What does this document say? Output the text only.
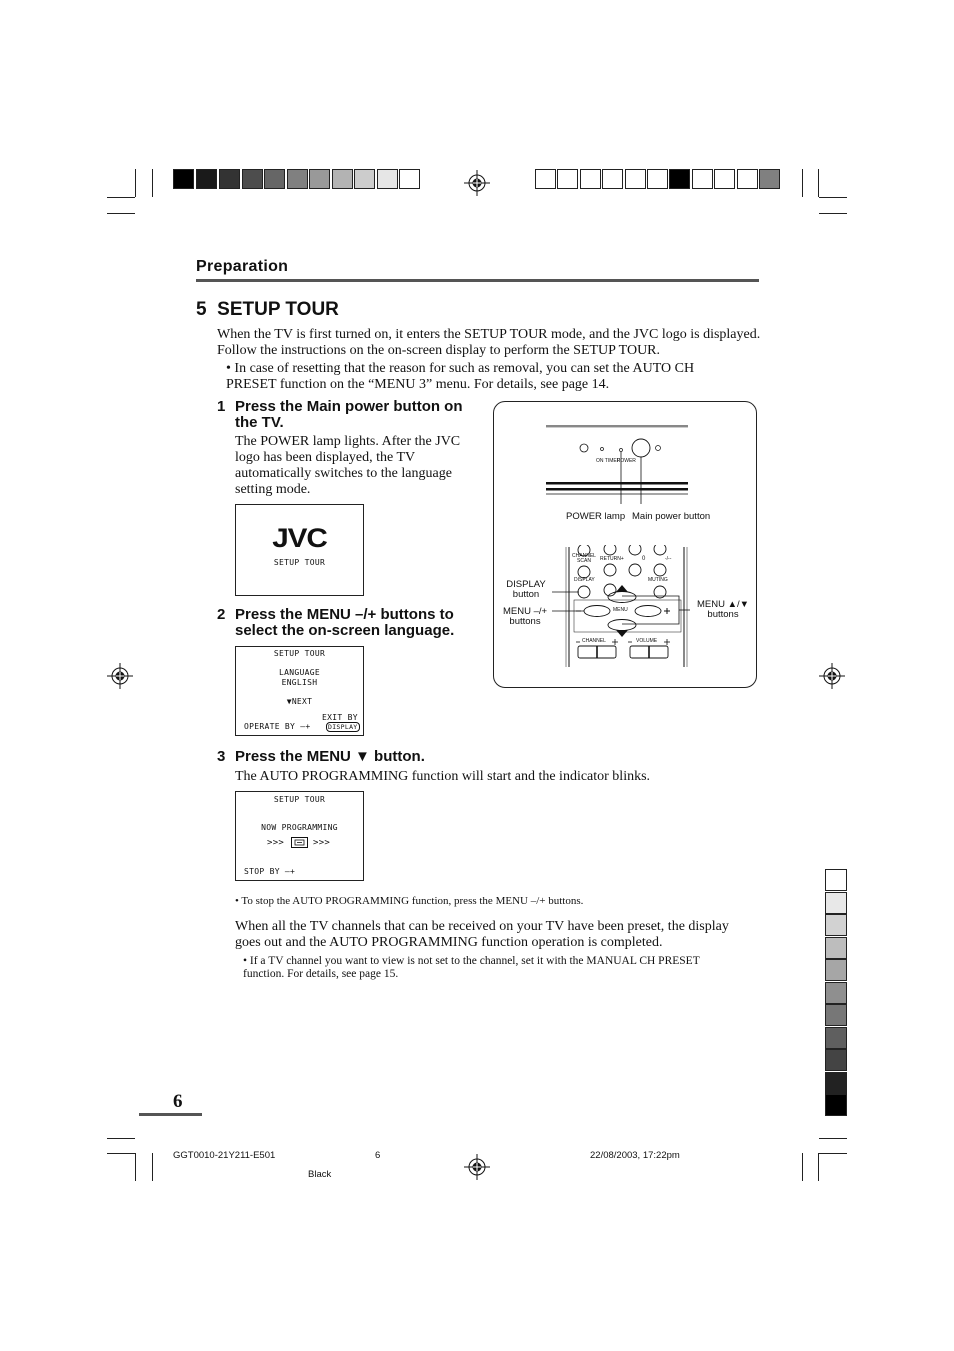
Preparation
5 SETUP TOUR
When the TV is first turned on, it enters the SETUP TOUR mode, and the JVC logo is displayed. Follow the instructions on the on-screen display to perform the SETUP TOUR.
• In case of resetting that the reason for such as removal, you can set the AUTO CH PRESET function on the “MENU 3” menu. For details, see page 14.
1 Press the Main power button on the TV.
The POWER lamp lights. After the JVC logo has been displayed, the TV automatically switches to the language setting mode.
JVC
SETUP TOUR
2 Press the MENU –/+ buttons to select the on-screen language.
SETUP TOUR
LANGUAGE
ENGLISH
▼NEXT
EXIT BY
OPERATE BY –+	DISPLAY
3 Press the MENU ▼ button.
The AUTO PROGRAMMING function will start and the indicator blinks.
SETUP TOUR
NOW PROGRAMMING
>>>	>>>
STOP BY –+
• To stop the AUTO PROGRAMMING function, press the MENU –/+ buttons.
When all the TV channels that can be received on your TV have been preset, the display goes out and the AUTO PROGRAMMING function operation is completed.
• If a TV channel you want to view is not set to the channel, set it with the MANUAL CH PRESET function. For details, see page 15.
ON TIMER
POWER
POWER lamp Main power button
CHANNEL SCAN	RETURN+	0	-/--
DISPLAY	MUTING
MENU
CHANNEL	VOLUME
DISPLAY button
MENU –/+ buttons
MENU ▲/▼ buttons
6
GGT0010-21Y211-E501	6	22/08/2003, 17:22pm
Black
